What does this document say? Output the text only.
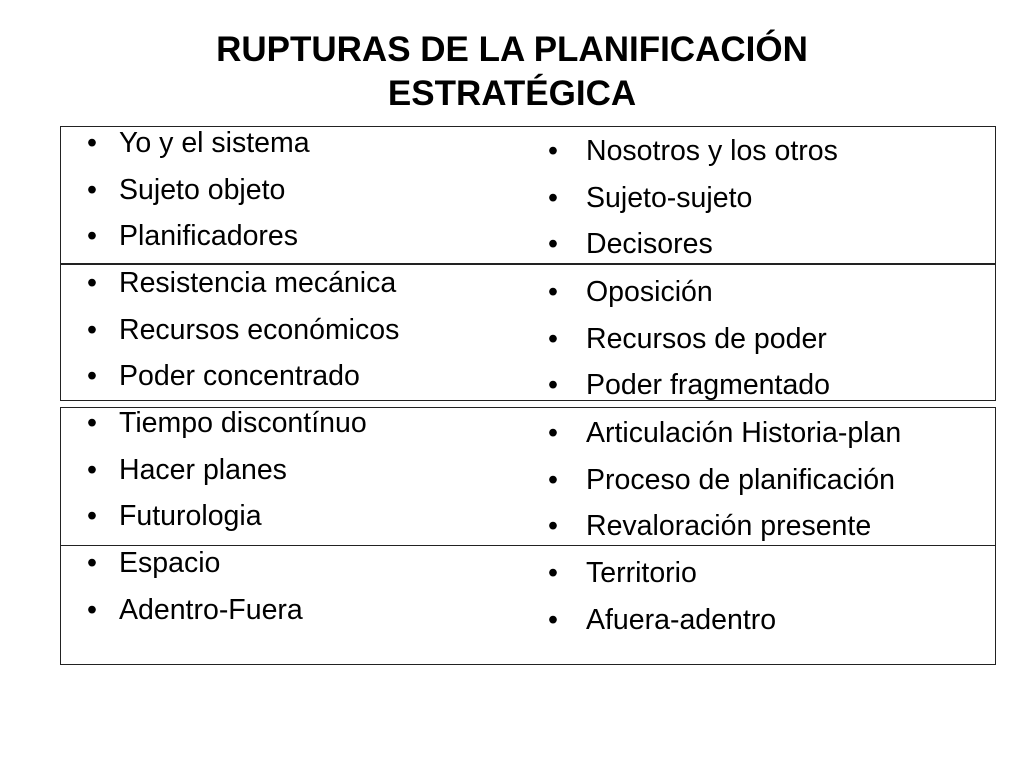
RUPTURAS DE LA PLANIFICACIÓN
ESTRATÉGICA
• Yo y el sistema
• Sujeto objeto
• Planificadores
• Nosotros y los otros
• Sujeto-sujeto
• Decisores
• Resistencia mecánica
• Recursos económicos
• Poder concentrado
• Oposición
• Recursos de poder
• Poder fragmentado
• Tiempo discontínuo
• Hacer planes
• Futurologia
• Articulación Historia-plan
• Proceso de planificación
• Revaloración presente
• Espacio
• Adentro-Fuera
• Territorio
• Afuera-adentro
